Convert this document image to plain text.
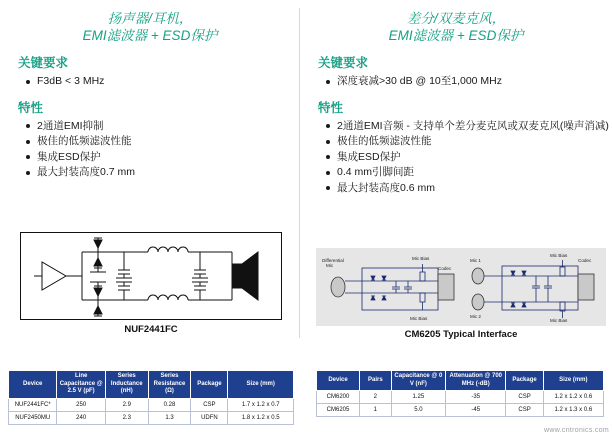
扬声器/耳机，
EMI滤波器 + ESD保护
关键要求
F3dB < 3 MHz
特性
2通道EMI抑制
极佳的低频滤波性能
集成ESD保护
最大封装高度0.7 mm
NUF2441FC
Device	Line Capacitance @ 2.5 V (pF)	Series Inductance (nH)	Series Resistance (Ω)	Package	Size (mm)
NUF2441FC*	250	2.9	0.28	CSP	1.7 x 1.2 x 0.7
NUF2450MU	240	2.3	1.3	UDFN	1.8 x 1.2 x 0.5
差分/双麦克风，
EMI滤波器 + ESD保护
关键要求
深度衰减>30 dB @ 10至1,000 MHz
特性
2通道EMI音频 - 支持单个差分麦克风或双麦克风(噪声消减)
极佳的低频滤波性能
集成ESD保护
0.4 mm引脚间距
最大封装高度0.6 mm
Differential
Mic
Mic Bias
Mic Bias
Codec
Mic 1
Mic 2
Mic Bias
Mic Bias
Codec
CM6205 Typical Interface
Device	Pairs	Capacitance @ 0 V (nF)	Attenuation @ 700 MHz (-dB)	Package	Size (mm)
CM6200	2	1.25	-35	CSP	1.2 x 1.2 x 0.6
CM6205	1	5.0	-45	CSP	1.2 x 1.3 x 0.6
www.cntronics.com
